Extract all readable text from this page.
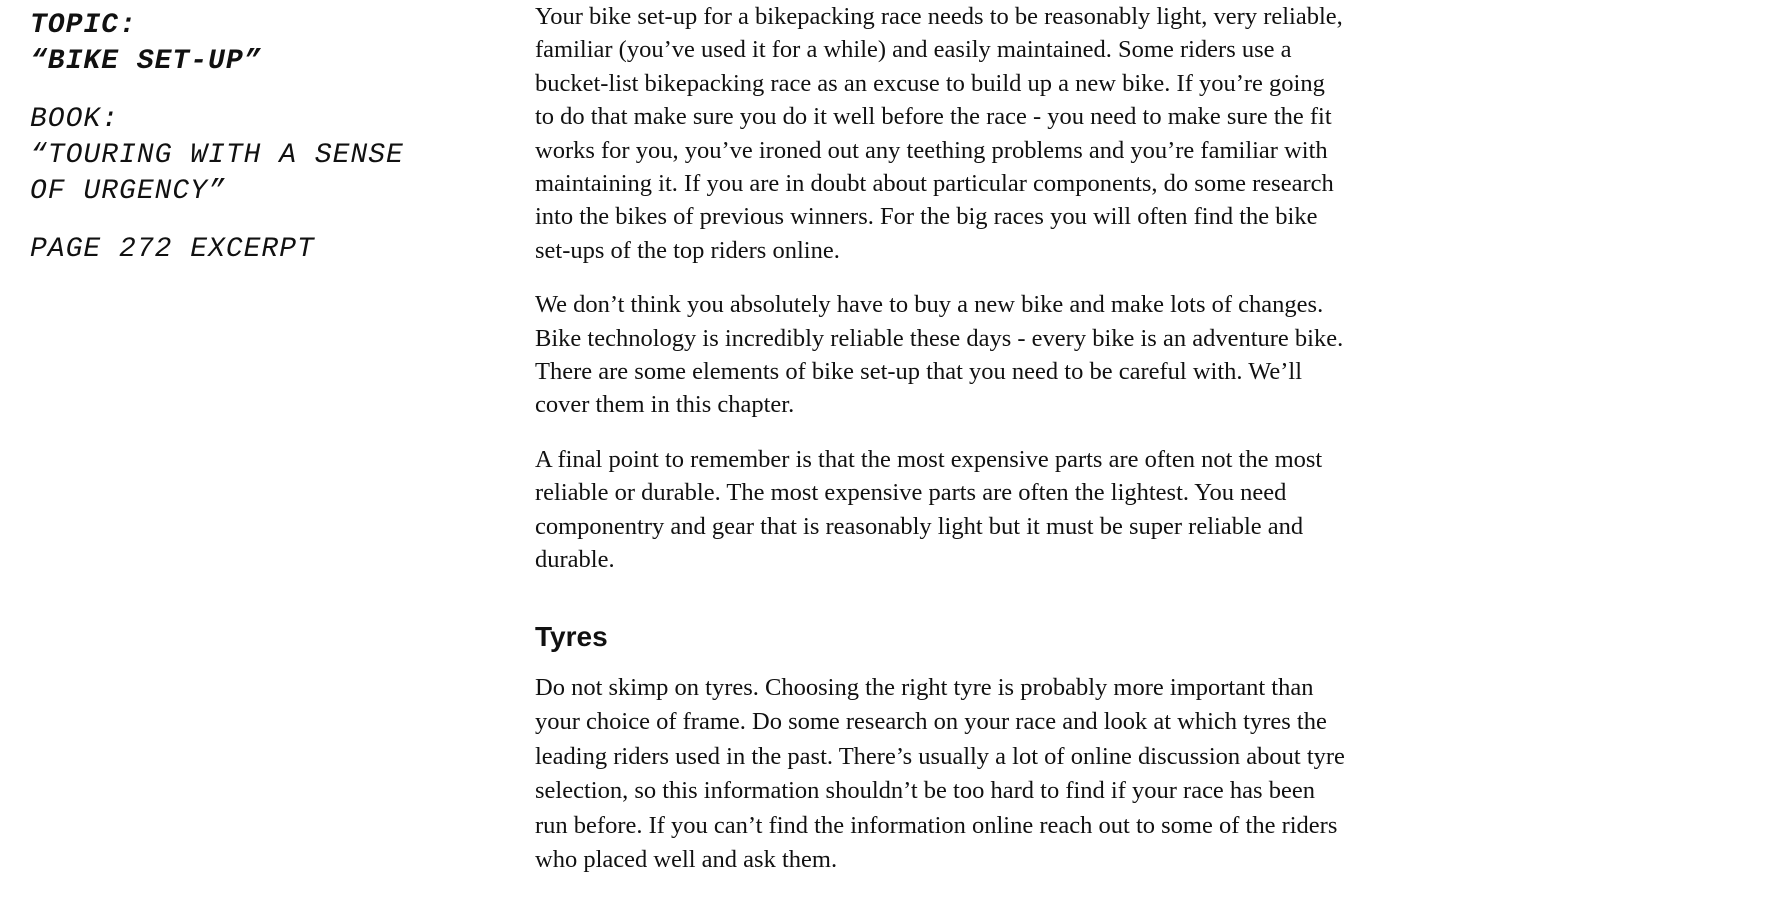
TOPIC:
“BIKE SET-UP”
BOOK:
“TOURING WITH A SENSE
OF URGENCY”
PAGE 272 EXCERPT

Your bike set-up for a bikepacking race needs to be reasonably light, very reliable, familiar (you’ve used it for a while) and easily maintained. Some riders use a bucket-list bikepacking race as an excuse to build up a new bike. If you’re going to do that make sure you do it well before the race - you need to make sure the fit works for you, you’ve ironed out any teething problems and you’re familiar with maintaining it. If you are in doubt about particular components, do some research into the bikes of previous winners. For the big races you will often find the bike set-ups of the top riders online.

We don’t think you absolutely have to buy a new bike and make lots of changes. Bike technology is incredibly reliable these days - every bike is an adventure bike. There are some elements of bike set-up that you need to be careful with. We’ll cover them in this chapter.

A final point to remember is that the most expensive parts are often not the most reliable or durable. The most expensive parts are often the lightest. You need componentry and gear that is reasonably light but it must be super reliable and durable.

Tyres

Do not skimp on tyres. Choosing the right tyre is probably more important than your choice of frame. Do some research on your race and look at which tyres the leading riders used in the past. There’s usually a lot of online discussion about tyre selection, so this information shouldn’t be too hard to find if your race has been run before. If you can’t find the information online reach out to some of the riders who placed well and ask them.
